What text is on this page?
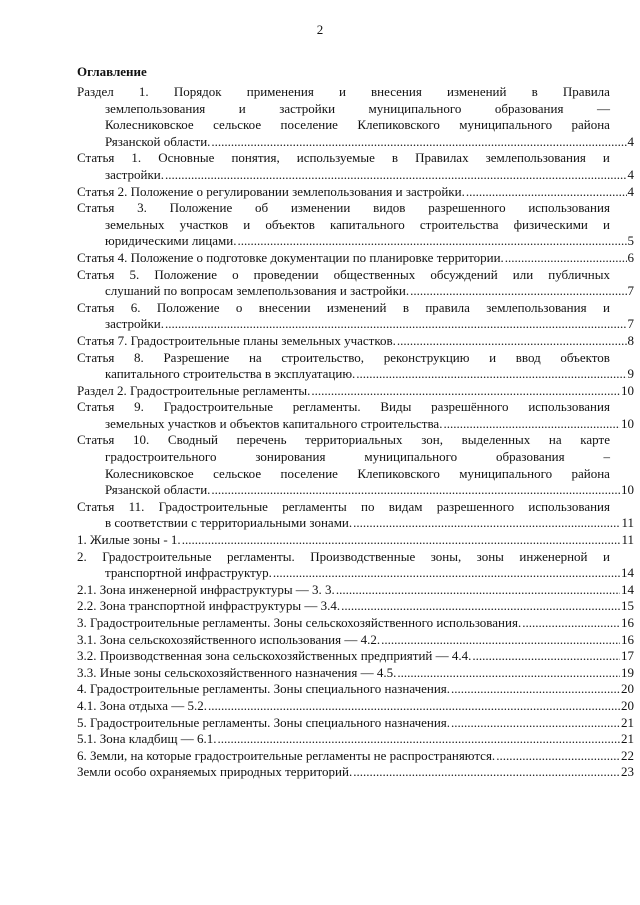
2
Оглавление
Раздел 1. Порядок применения и внесения изменений в Правила
землепользования	и	застройки	муниципального	образования	—
Колесниковское сельское поселение Клепиковского муниципального района
Рязанской области. .....	4
Статья 1. Основные понятия, используемые в Правилах землепользования и
застройки. .....	4
Статья 2. Положение о регулировании землепользования и застройки. .....	4
Статья 3. Положение об изменении видов разрешенного использования
земельных участков и объектов капитального строительства физическими и
юридическими лицами. .....	5
Статья 4. Положение о подготовке документации по планировке территории. .....	6
Статья 5. Положение о проведении общественных обсуждений или публичных
слушаний по вопросам землепользования и застройки. .....	7
Статья 6. Положение о внесении изменений в правила землепользования и
застройки. .....	7
Статья 7. Градостроительные планы земельных участков. .....	8
Статья 8. Разрешение на строительство, реконструкцию и ввод объектов
капитального строительства в эксплуатацию. .....	9
Раздел 2. Градостроительные регламенты. .....	10
Статья 9. Градостроительные регламенты. Виды разрешённого использования
земельных участков и объектов капитального строительства. .....	10
Статья 10. Сводный перечень территориальных зон, выделенных на карте
градостроительного	зонирования	муниципального	образования	–
Колесниковское сельское поселение Клепиковского муниципального района
Рязанской области. .....	10
Статья 11. Градостроительные регламенты по видам разрешенного использования
в соответствии с территориальными зонами. .....	11
1. Жилые зоны - 1. .....	11
2. Градостроительные регламенты. Производственные зоны, зоны инженерной и
транспортной инфраструктур. .....	14
2.1. Зона инженерной инфраструктуры — 3. 3. .....	14
2.2. Зона транспортной инфраструктуры — 3.4. .....	15
3. Градостроительные регламенты. Зоны сельскохозяйственного использования. .....	16
3.1. Зона сельскохозяйственного использования — 4.2. .....	16
3.2. Производственная зона сельскохозяйственных предприятий — 4.4. .....	17
3.3. Иные зоны сельскохозяйственного назначения — 4.5. .....	19
4. Градостроительные регламенты. Зоны специального назначения. .....	20
4.1. Зона отдыха — 5.2. .....	20
5. Градостроительные регламенты. Зоны специального назначения. .....	21
5.1. Зона кладбищ — 6.1. .....	21
6. Земли, на которые градостроительные регламенты не распространяются. .....	22
Земли особо охраняемых природных территорий. .....	23
